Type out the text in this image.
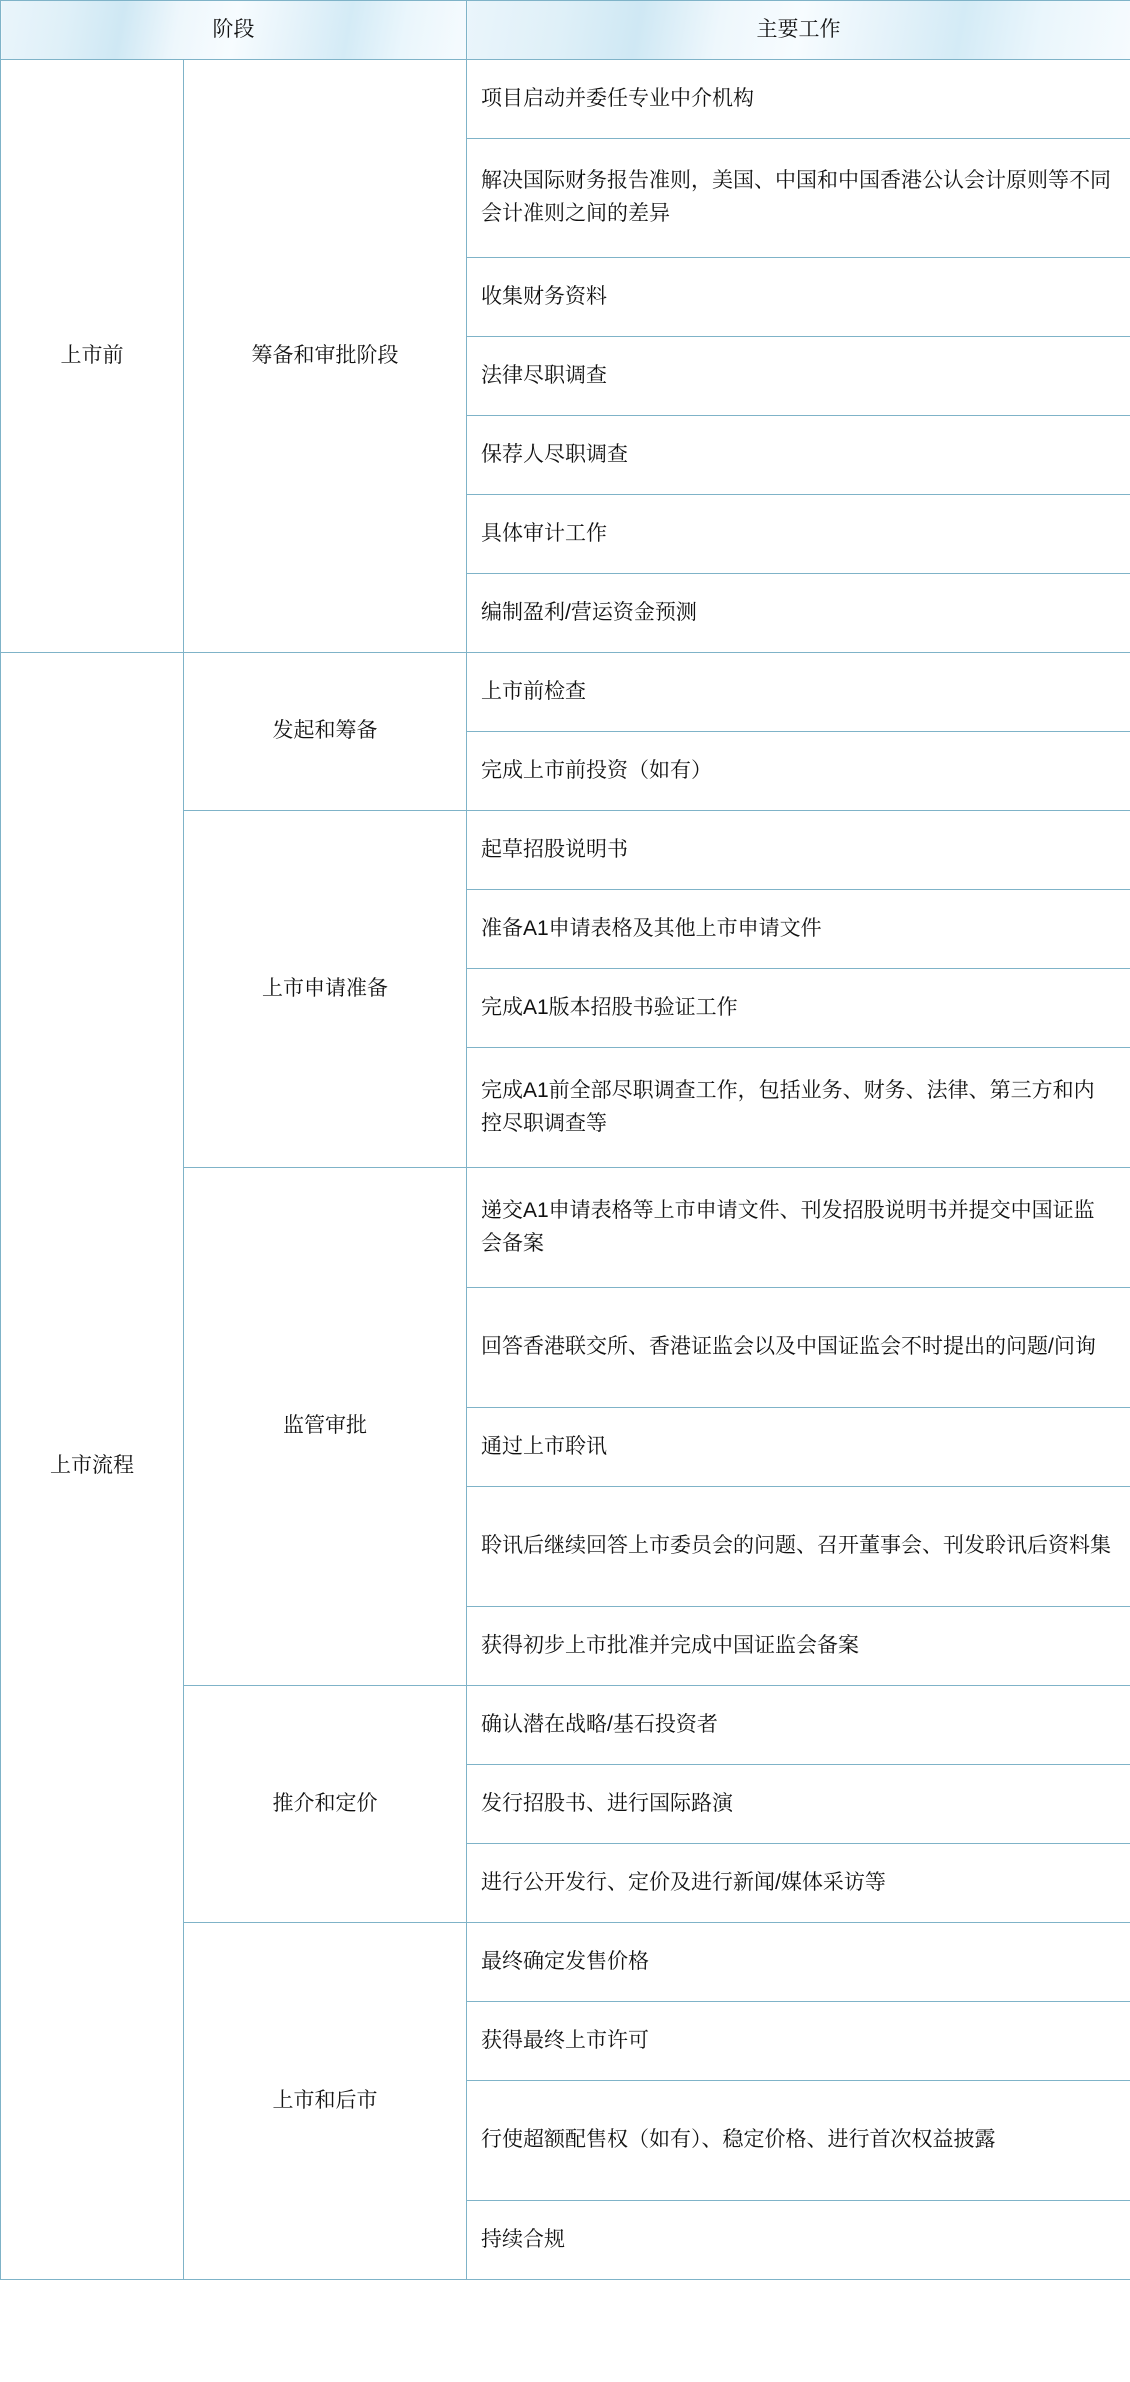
阶段		主要工作
上市前	筹备和审批阶段	项目启动并委任专业中介机构
		解决国际财务报告准则，美国、中国和中国香港公认会计原则等不同会计准则之间的差异
		收集财务资料
		法律尽职调查
		保荐人尽职调查
		具体审计工作
		编制盈利/营运资金预测
上市流程	发起和筹备	上市前检查
		完成上市前投资（如有）
	上市申请准备	起草招股说明书
		准备A1申请表格及其他上市申请文件
		完成A1版本招股书验证工作
		完成A1前全部尽职调查工作，包括业务、财务、法律、第三方和内控尽职调查等
	监管审批	递交A1申请表格等上市申请文件、刊发招股说明书并提交中国证监会备案
		回答香港联交所、香港证监会以及中国证监会不时提出的问题/问询
		通过上市聆讯
		聆讯后继续回答上市委员会的问题、召开董事会、刊发聆讯后资料集
		获得初步上市批准并完成中国证监会备案
	推介和定价	确认潜在战略/基石投资者
		发行招股书、进行国际路演
		进行公开发行、定价及进行新闻/媒体采访等
	上市和后市	最终确定发售价格
		获得最终上市许可
		行使超额配售权（如有）、稳定价格、进行首次权益披露
		持续合规
